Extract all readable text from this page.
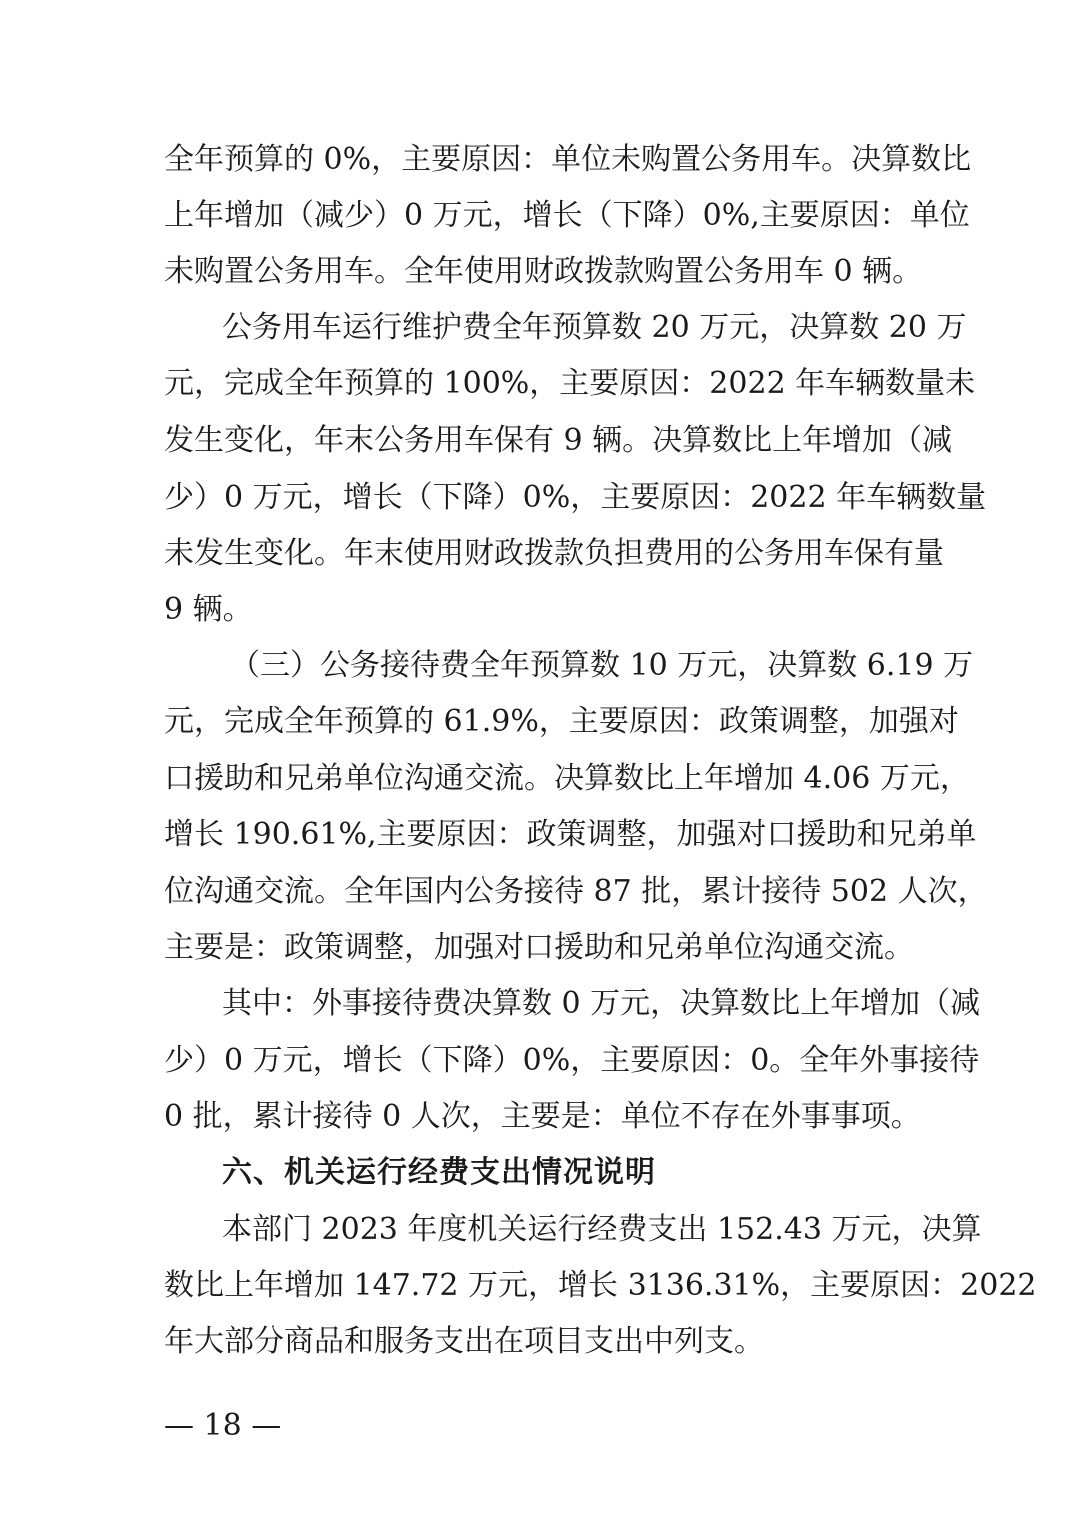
全年预算的 0%，主要原因：单位未购置公务用车。决算数比
上年增加（减少）0 万元，增长（下降）0%,主要原因：单位
未购置公务用车。全年使用财政拨款购置公务用车 0 辆。
公务用车运行维护费全年预算数 20 万元，决算数 20 万
元，完成全年预算的 100%，主要原因：2022 年车辆数量未
发生变化，年末公务用车保有 9 辆。决算数比上年增加（减
少）0 万元，增长（下降）0%，主要原因：2022 年车辆数量
未发生变化。年末使用财政拨款负担费用的公务用车保有量
9 辆。
（三）公务接待费全年预算数 10 万元，决算数 6.19 万
元，完成全年预算的 61.9%，主要原因：政策调整，加强对
口援助和兄弟单位沟通交流。决算数比上年增加 4.06 万元，
增长 190.61%,主要原因：政策调整，加强对口援助和兄弟单
位沟通交流。全年国内公务接待 87 批，累计接待 502 人次，
主要是：政策调整，加强对口援助和兄弟单位沟通交流。
其中：外事接待费决算数 0 万元，决算数比上年增加（减
少）0 万元，增长（下降）0%，主要原因：0。全年外事接待
0 批，累计接待 0 人次，主要是：单位不存在外事事项。
六、机关运行经费支出情况说明
本部门 2023 年度机关运行经费支出 152.43 万元，决算
数比上年增加 147.72 万元，增长 3136.31%，主要原因：2022
年大部分商品和服务支出在项目支出中列支。
— 18 —
